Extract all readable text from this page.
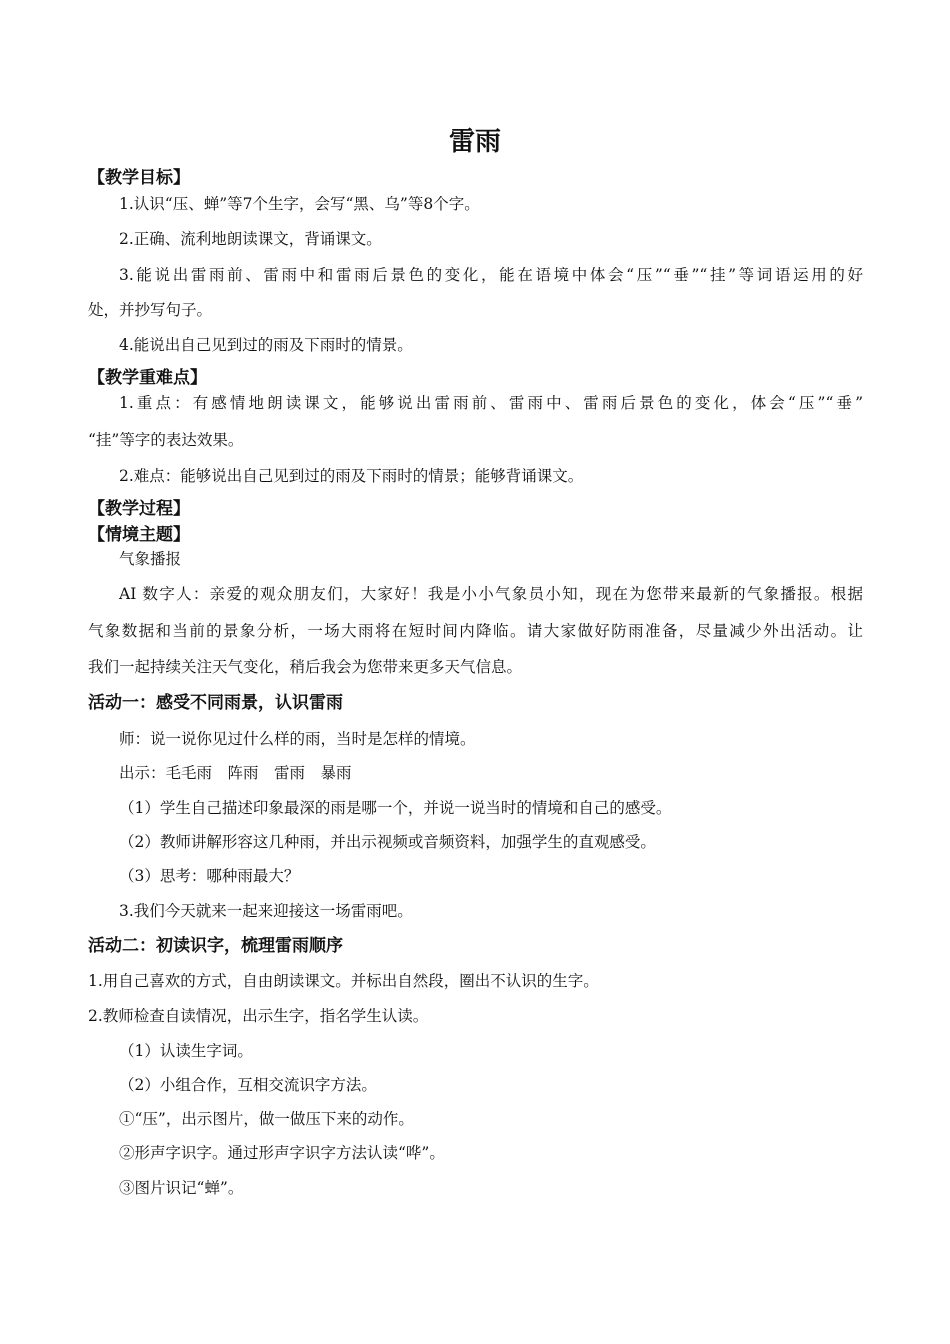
雷雨
【教学目标】
1.认识“压、蝉”等7个生字，会写“黑、乌”等8个字。
2.正确、流利地朗读课文，背诵课文。
3.能说出雷雨前、雷雨中和雷雨后景色的变化，能在语境中体会“压”“垂”“挂”等词语运用的好
处，并抄写句子。
4.能说出自己见到过的雨及下雨时的情景。
【教学重难点】
1.重点：有感情地朗读课文，能够说出雷雨前、雷雨中、雷雨后景色的变化，体会“压”“垂”
“挂”等字的表达效果。
2.难点：能够说出自己见到过的雨及下雨时的情景；能够背诵课文。
【教学过程】
【情境主题】
气象播报
AI 数字人：亲爱的观众朋友们，大家好！我是小小气象员小知，现在为您带来最新的气象播报。根据
气象数据和当前的景象分析，一场大雨将在短时间内降临。请大家做好防雨准备，尽量减少外出活动。让
我们一起持续关注天气变化，稍后我会为您带来更多天气信息。
活动一：感受不同雨景，认识雷雨
师：说一说你见过什么样的雨，当时是怎样的情境。
出示：毛毛雨　阵雨　雷雨　暴雨
（1）学生自己描述印象最深的雨是哪一个，并说一说当时的情境和自己的感受。
（2）教师讲解形容这几种雨，并出示视频或音频资料，加强学生的直观感受。
（3）思考：哪种雨最大？
3.我们今天就来一起来迎接这一场雷雨吧。
活动二：初读识字，梳理雷雨顺序
1.用自己喜欢的方式，自由朗读课文。并标出自然段，圈出不认识的生字。
2.教师检查自读情况，出示生字，指名学生认读。
（1）认读生字词。
（2）小组合作，互相交流识字方法。
①“压”，出示图片，做一做压下来的动作。
②形声字识字。通过形声字识字方法认读“哗”。
③图片识记“蝉”。
